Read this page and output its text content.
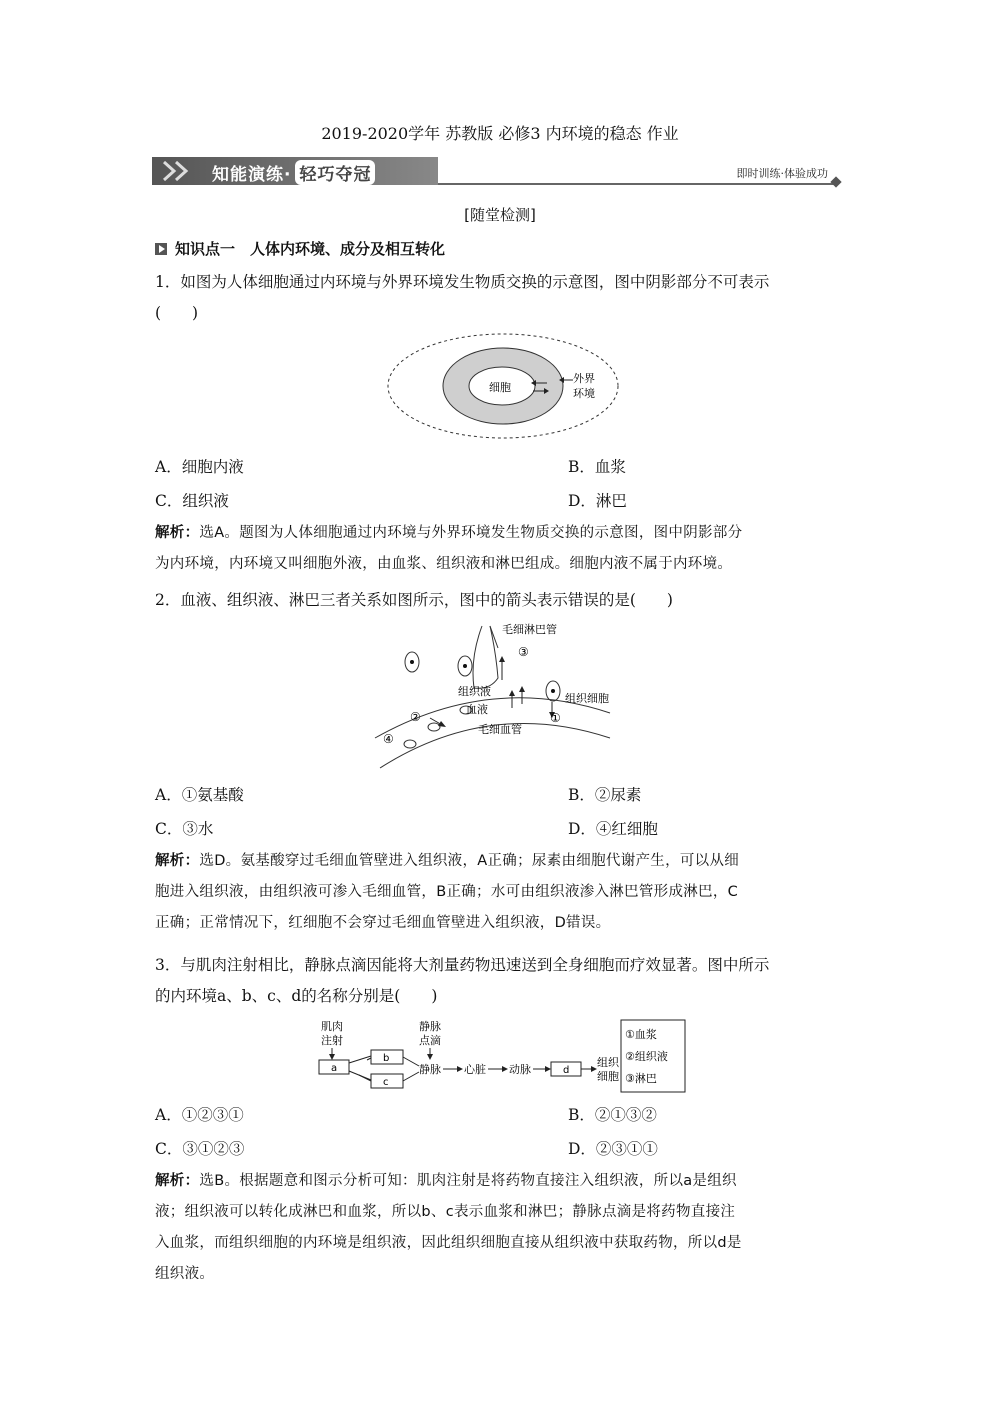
2019-2020学年 苏教版 必修3 内环境的稳态 作业
知能演练· 轻巧夺冠	即时训练·体验成功
[随堂检测]
知识点一　人体内环境、成分及相互转化
1．如图为人体细胞通过内环境与外界环境发生物质交换的示意图，图中阴影部分不可表示
(　　)
细胞
外界
环境
A．细胞内液	B．血浆
C．组织液	D．淋巴
解析：选A。题图为人体细胞通过内环境与外界环境发生物质交换的示意图，图中阴影部分
为内环境，内环境又叫细胞外液，由血浆、组织液和淋巴组成。细胞内液不属于内环境。
2．血液、组织液、淋巴三者关系如图所示，图中的箭头表示错误的是(　　)
毛细淋巴管
③
组织细胞
组织液
血液
毛细血管
①
②
④
A．①氨基酸	B．②尿素
C．③水	D．④红细胞
解析：选D。氨基酸穿过毛细血管壁进入组织液，A正确；尿素由细胞代谢产生，可以从细
胞进入组织液，由组织液可渗入毛细血管，B正确；水可由组织液渗入淋巴管形成淋巴，C
正确；正常情况下，红细胞不会穿过毛细血管壁进入组织液，D错误。
3．与肌肉注射相比，静脉点滴因能将大剂量药物迅速送到全身细胞而疗效显著。图中所示
的内环境a、b、c、d的名称分别是(　　)
肌肉
注射
a
b
c
静脉
点滴
静脉 心脏 动脉	d
组织
细胞
①血浆
②组织液
③淋巴
A．①②③①	B．②①③②
C．③①②③	D．②③①①
解析：选B。根据题意和图示分析可知：肌肉注射是将药物直接注入组织液，所以a是组织
液；组织液可以转化成淋巴和血浆，所以b、c表示血浆和淋巴；静脉点滴是将药物直接注
入血浆，而组织细胞的内环境是组织液，因此组织细胞直接从组织液中获取药物，所以d是
组织液。
